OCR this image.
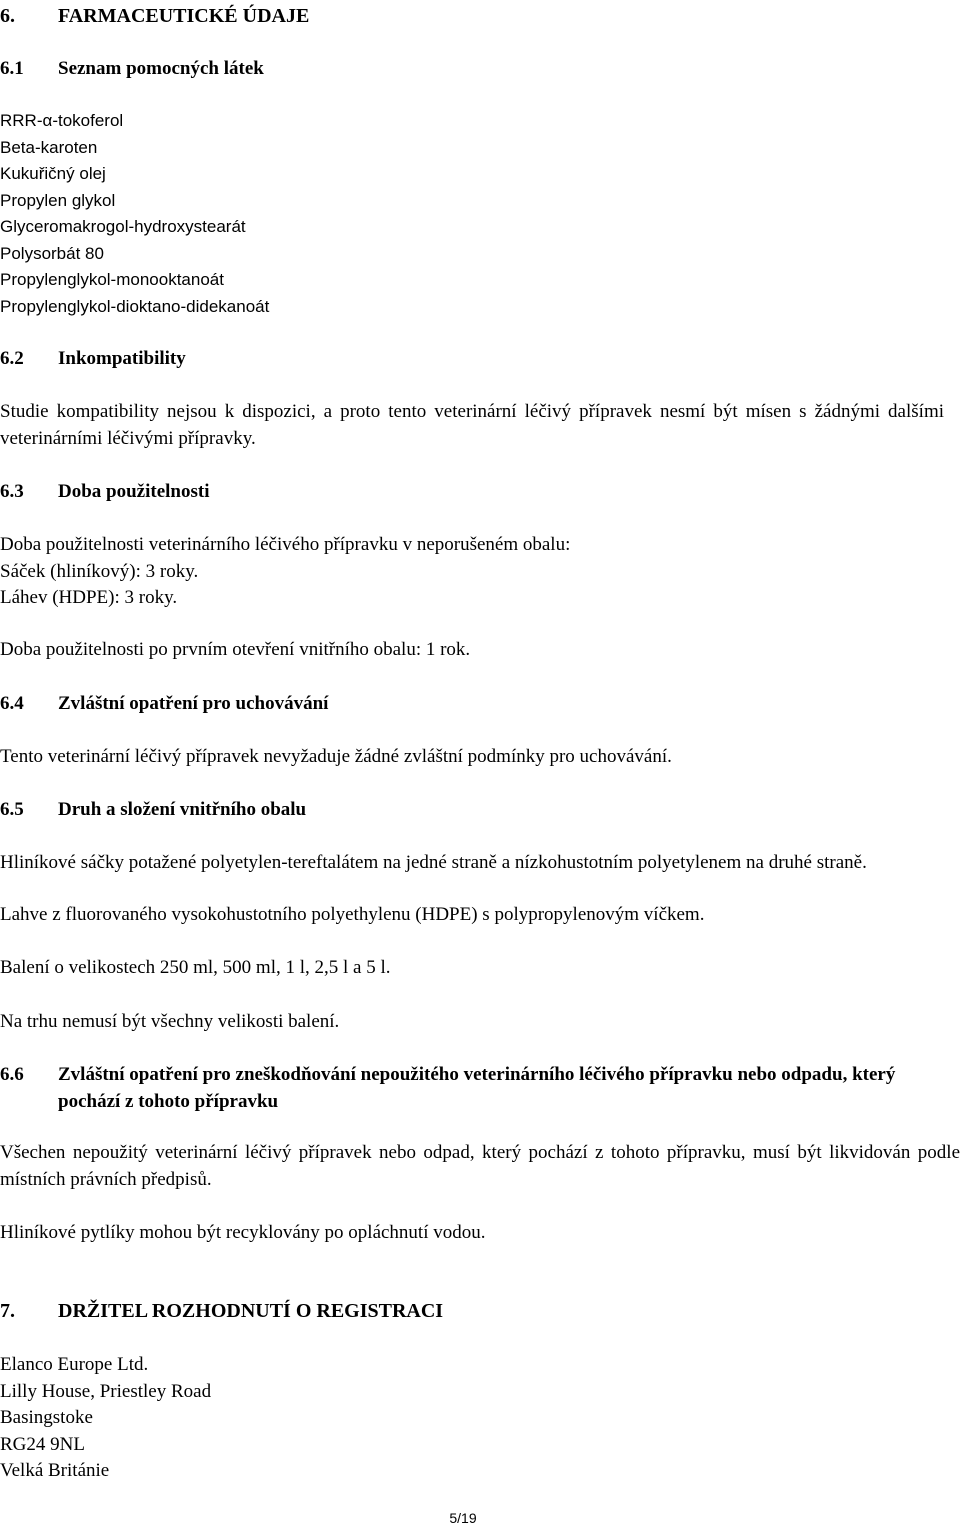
6. FARMACEUTICKÉ ÚDAJE
6.1 Seznam pomocných látek
RRR-α-tokoferol
Beta-karoten
Kukuřičný olej
Propylen glykol
Glyceromakrogol-hydroxystearát
Polysorbát 80
Propylenglykol-monooktanoát
Propylenglykol-dioktano-didekanoát
6.2 Inkompatibility
Studie kompatibility nejsou k dispozici, a proto tento veterinární léčivý přípravek nesmí být mísen s žádnými dalšími veterinárními léčivými přípravky.
6.3 Doba použitelnosti
Doba použitelnosti veterinárního léčivého přípravku v neporušeném obalu:
Sáček (hliníkový): 3 roky.
Láhev (HDPE): 3 roky.
Doba použitelnosti po prvním otevření vnitřního obalu: 1 rok.
6.4 Zvláštní opatření pro uchovávání
Tento veterinární léčivý přípravek nevyžaduje žádné zvláštní podmínky pro uchovávání.
6.5 Druh a složení vnitřního obalu
Hliníkové sáčky potažené polyetylen-tereftalátem na jedné straně a nízkohustotním polyetylenem na druhé straně.
Lahve z fluorovaného vysokohustotního polyethylenu (HDPE) s polypropylenovým víčkem.
Balení o velikostech 250 ml, 500 ml, 1 l, 2,5 l a 5 l.
Na trhu nemusí být všechny velikosti balení.
6.6 Zvláštní opatření pro zneškodňování nepoužitého veterinárního léčivého přípravku nebo odpadu, který pochází z tohoto přípravku
Všechen nepoužitý veterinární léčivý přípravek nebo odpad, který pochází z tohoto přípravku, musí být likvidován podle místních právních předpisů.
Hliníkové pytlíky mohou být recyklovány po opláchnutí vodou.
7. DRŽITEL ROZHODNUTÍ O REGISTRACI
Elanco Europe Ltd.
Lilly House, Priestley Road
Basingstoke
RG24 9NL
Velká Británie
5/19
